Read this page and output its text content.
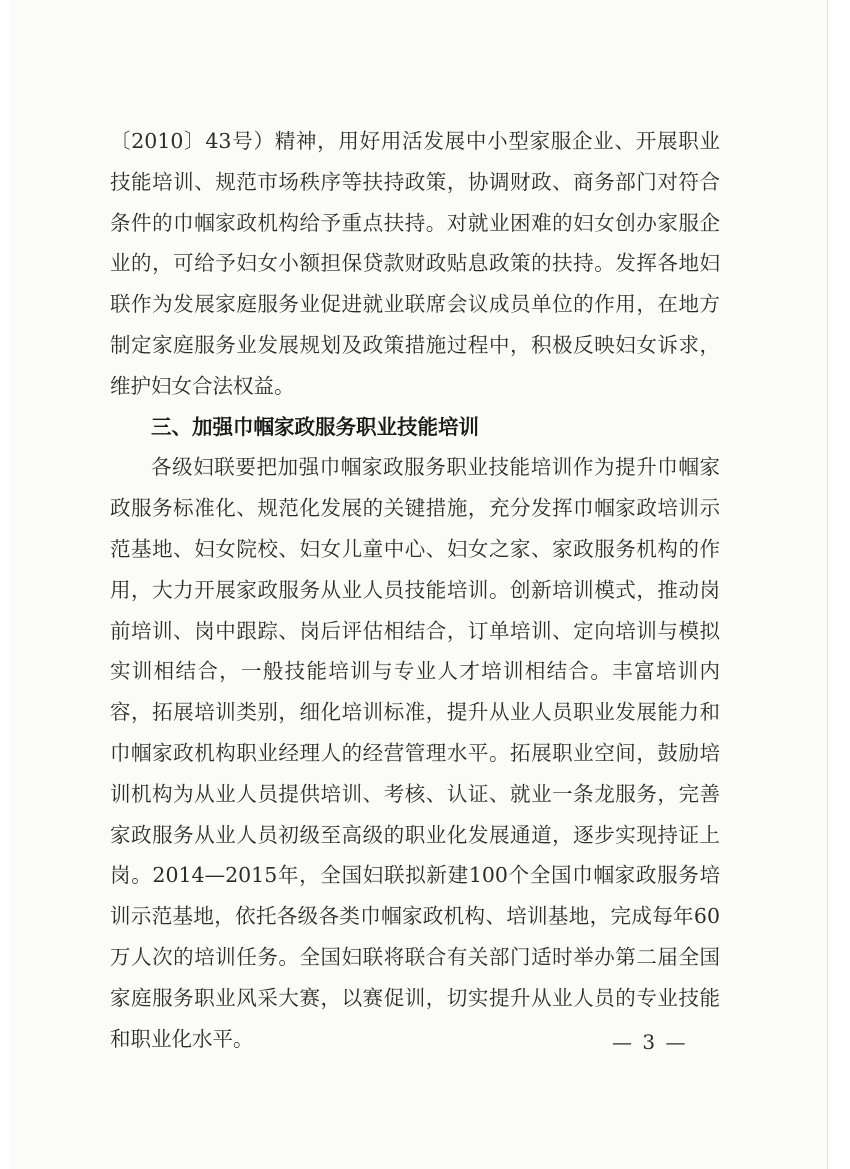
〔2010〕43号）精神，用好用活发展中小型家服企业、开展职业技能培训、规范市场秩序等扶持政策，协调财政、商务部门对符合条件的巾帼家政机构给予重点扶持。对就业困难的妇女创办家服企业的，可给予妇女小额担保贷款财政贴息政策的扶持。发挥各地妇联作为发展家庭服务业促进就业联席会议成员单位的作用，在地方制定家庭服务业发展规划及政策措施过程中，积极反映妇女诉求，维护妇女合法权益。

三、加强巾帼家政服务职业技能培训

各级妇联要把加强巾帼家政服务职业技能培训作为提升巾帼家政服务标准化、规范化发展的关键措施，充分发挥巾帼家政培训示范基地、妇女院校、妇女儿童中心、妇女之家、家政服务机构的作用，大力开展家政服务从业人员技能培训。创新培训模式，推动岗前培训、岗中跟踪、岗后评估相结合，订单培训、定向培训与模拟实训相结合，一般技能培训与专业人才培训相结合。丰富培训内容，拓展培训类别，细化培训标准，提升从业人员职业发展能力和巾帼家政机构职业经理人的经营管理水平。拓展职业空间，鼓励培训机构为从业人员提供培训、考核、认证、就业一条龙服务，完善家政服务从业人员初级至高级的职业化发展通道，逐步实现持证上岗。2014—2015年，全国妇联拟新建100个全国巾帼家政服务培训示范基地，依托各级各类巾帼家政机构、培训基地，完成每年60万人次的培训任务。全国妇联将联合有关部门适时举办第二届全国家庭服务职业风采大赛，以赛促训，切实提升从业人员的专业技能和职业化水平。	— 3 —
